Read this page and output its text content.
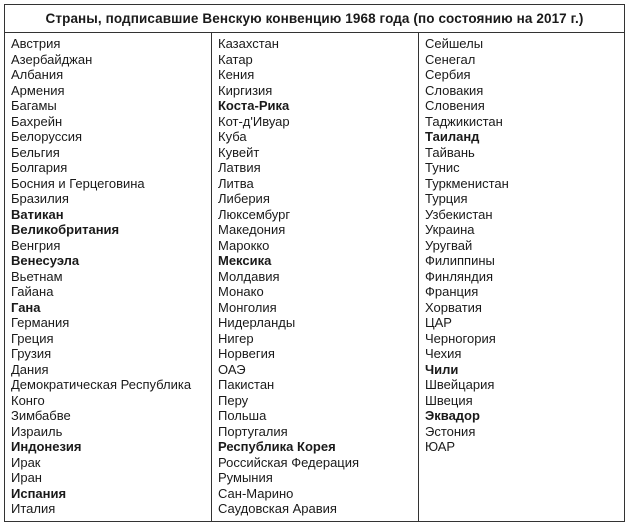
Страны, подписавшие Венскую конвенцию 1968 года (по состоянию на 2017 г.)
Австрия
Азербайджан
Албания
Армения
Багамы
Бахрейн
Белоруссия
Бельгия
Болгария
Босния и Герцеговина
Бразилия
Ватикан
Великобритания
Венгрия
Венесуэла
Вьетнам
Гайана
Гана
Германия
Греция
Грузия
Дания
Демократическая Республика
Конго
Зимбабве
Израиль
Индонезия
Ирак
Иран
Испания
Италия
Казахстан
Катар
Кения
Киргизия
Коста-Рика
Кот-д'Ивуар
Куба
Кувейт
Латвия
Литва
Либерия
Люксембург
Македония
Марокко
Мексика
Молдавия
Монако
Монголия
Нидерланды
Нигер
Норвегия
ОАЭ
Пакистан
Перу
Польша
Португалия
Республика Корея
Российская Федерация
Румыния
Сан-Марино
Саудовская Аравия
Сейшелы
Сенегал
Сербия
Словакия
Словения
Таджикистан
Таиланд
Тайвань
Тунис
Туркменистан
Турция
Узбекистан
Украина
Уругвай
Филиппины
Финляндия
Франция
Хорватия
ЦАР
Черногория
Чехия
Чили
Швейцария
Швеция
Эквадор
Эстония
ЮАР
